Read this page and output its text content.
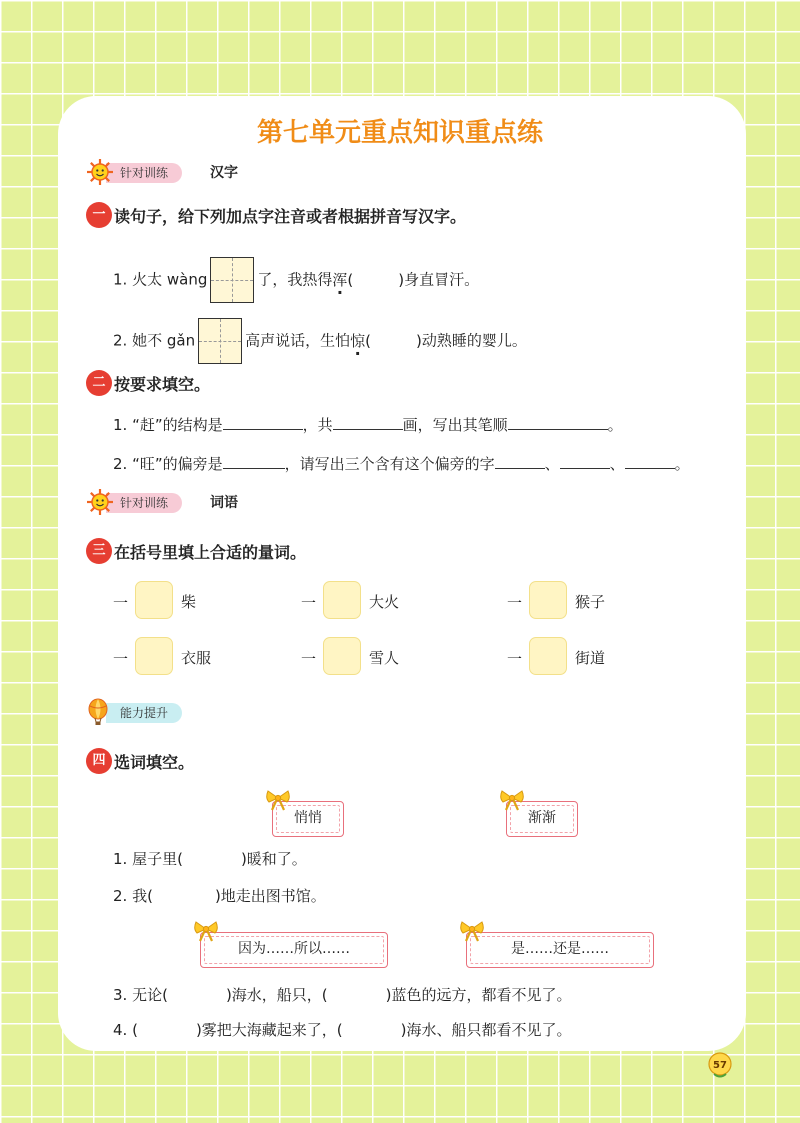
第七单元重点知识重点练
针对训练	汉字
一 读句子，给下列加点字注音或者根据拼音写汉字。
1. 火太 wàng	了，我热得浑(　　　)身直冒汗。
2. 她不 gǎn	高声说话，生怕惊(　　　)动熟睡的婴儿。
二 按要求填空。
1. “赶”的结构是	，共	画，写出其笔顺	。
2. “旺”的偏旁是	，请写出三个含有这个偏旁的字	、	、	。
针对训练	词语
三 在括号里填上合适的量词。
一	柴	一	大火	一	猴子
一	衣服	一	雪人	一	街道
能力提升
四 选词填空。
悄悄	渐渐
1. 屋子里(	)暖和了。
2. 我(	)地走出图书馆。
因为……所以……	是……还是……
3. 无论(	)海水，船只，(	)蓝色的远方，都看不见了。
4. (	)雾把大海藏起来了，(	)海水、船只都看不见了。
57
